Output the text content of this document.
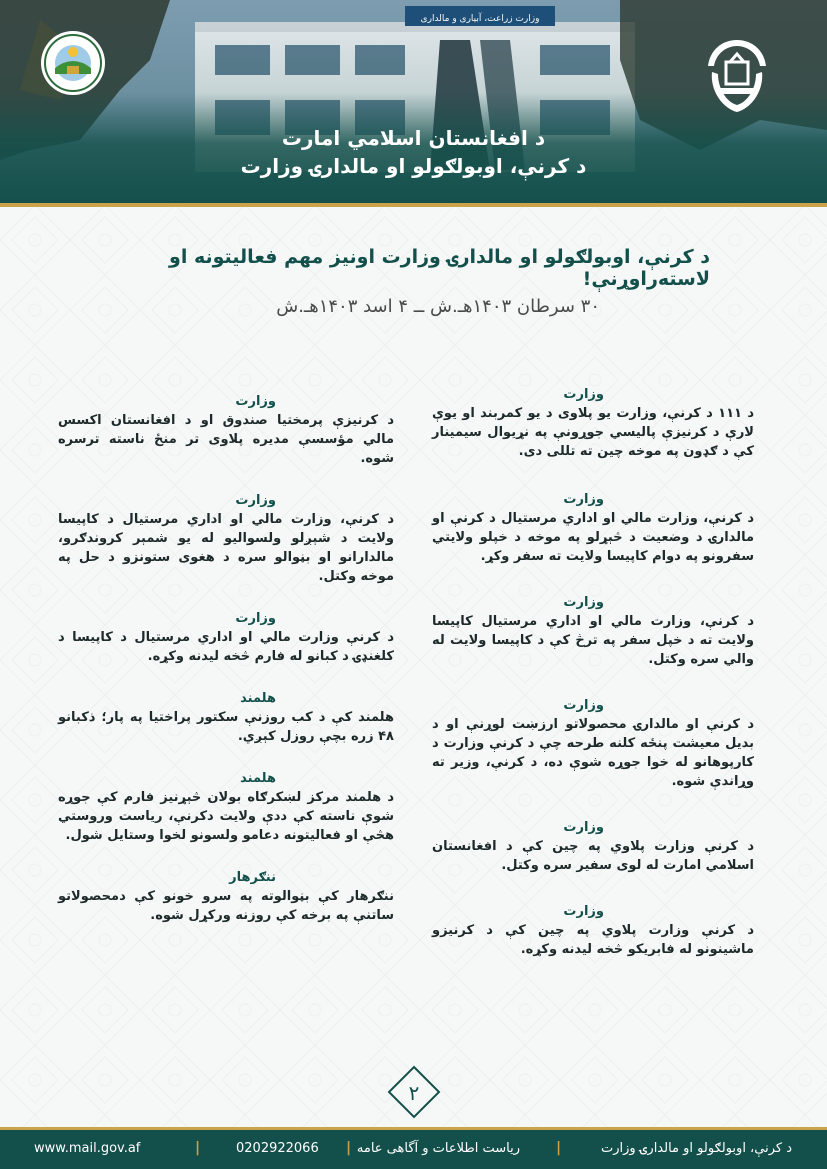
د افغانستان اسلامي امارت
د کرنې، اوبولګولو او مالدارۍ وزارت
د کرنې، اوبولګولو او مالدارۍ وزارت اونیز مهم فعالیتونه او لاسته‌راوړنې!
۳۰ سرطان ۱۴۰۳هـ.ش ــ ۴ اسد ۱۴۰۳هـ.ش
وزارت

د ۱۱۱ د کرنې، وزارت یو پلاوی د یو کمربند او یوې لارې د کرنیزې پالیسي جوړونې په نړیوال سیمینار کې د ګډون په موخه چین ته تللی دی.

وزارت

د کرنې، وزارت مالي او اداري مرستیال د کرنې او مالدارۍ د وضعیت د څېړلو په موخه د خپلو ولایتي سفرونو په دوام کاپیسا ولایت ته سفر وکړ.

وزارت

د کرنې، وزارت مالي او اداري مرستیال کاپیسا ولایت ته د خپل سفر په ترڅ کې د کاپیسا ولایت له والي سره وکتل.

وزارت

د کرنې او مالدارۍ محصولاتو ارزښت لوړنې او د بدیل معیشت پنځه کلنه طرحه چې د کرنې وزارت د کارپوهانو له خوا جوړه شوې ده، د کرنې، وزیر ته وړاندې شوه.

وزارت

د کرنې وزارت پلاوي په چین کې د افغانستان اسلامي امارت له لوی سفیر سره وکتل.

وزارت

د کرنې وزارت پلاوي په چین کې د کرنیزو ماشینونو له فابریکو څخه لیدنه وکړه.

وزارت

د کرنیزې پرمختیا صندوق او د افغانستان اکسس مالي مؤسسې مدیره پلاوی تر منځ ناسته ترسره شوه.

وزارت

د کرنې، وزارت مالي او اداري مرستیال د کاپیسا ولایت د شېږلو ولسوالیو له یو شمېر کروندګرو، مالدارانو او بڼوالو سره د هغوی ستونزو د حل په موخه وکتل.

وزارت

د کرنې وزارت مالي او اداري مرستیال د کاپیسا د کلغنډۍ د کبانو له فارم څخه لیدنه وکړه.

هلمند

هلمند کې د کب روزنې سکتور پراختیا په پار؛ ذکبانو ۴۸ زره بچې روزل کېږي.

هلمند

د هلمند مرکز لښکرګاه بولان څېړنیز فارم کې جوړه شوې ناسته کې ددې ولایت دکرنې، ریاست وروستي هڅې او فعالیتونه دعامو ولسونو لخوا وستایل شول.

ننګرهار

ننګرهار کې بڼوالوته په سرو خونو کې دمحصولاتو ساتنې په برخه کې روزنه ورکړل شوه.

۲
www.mail.gov.af	|	0202922066 | ریاست اطلاعات و آگاهی عامه	|	د کرنې، اوبولګولو او مالدارۍ وزارت
